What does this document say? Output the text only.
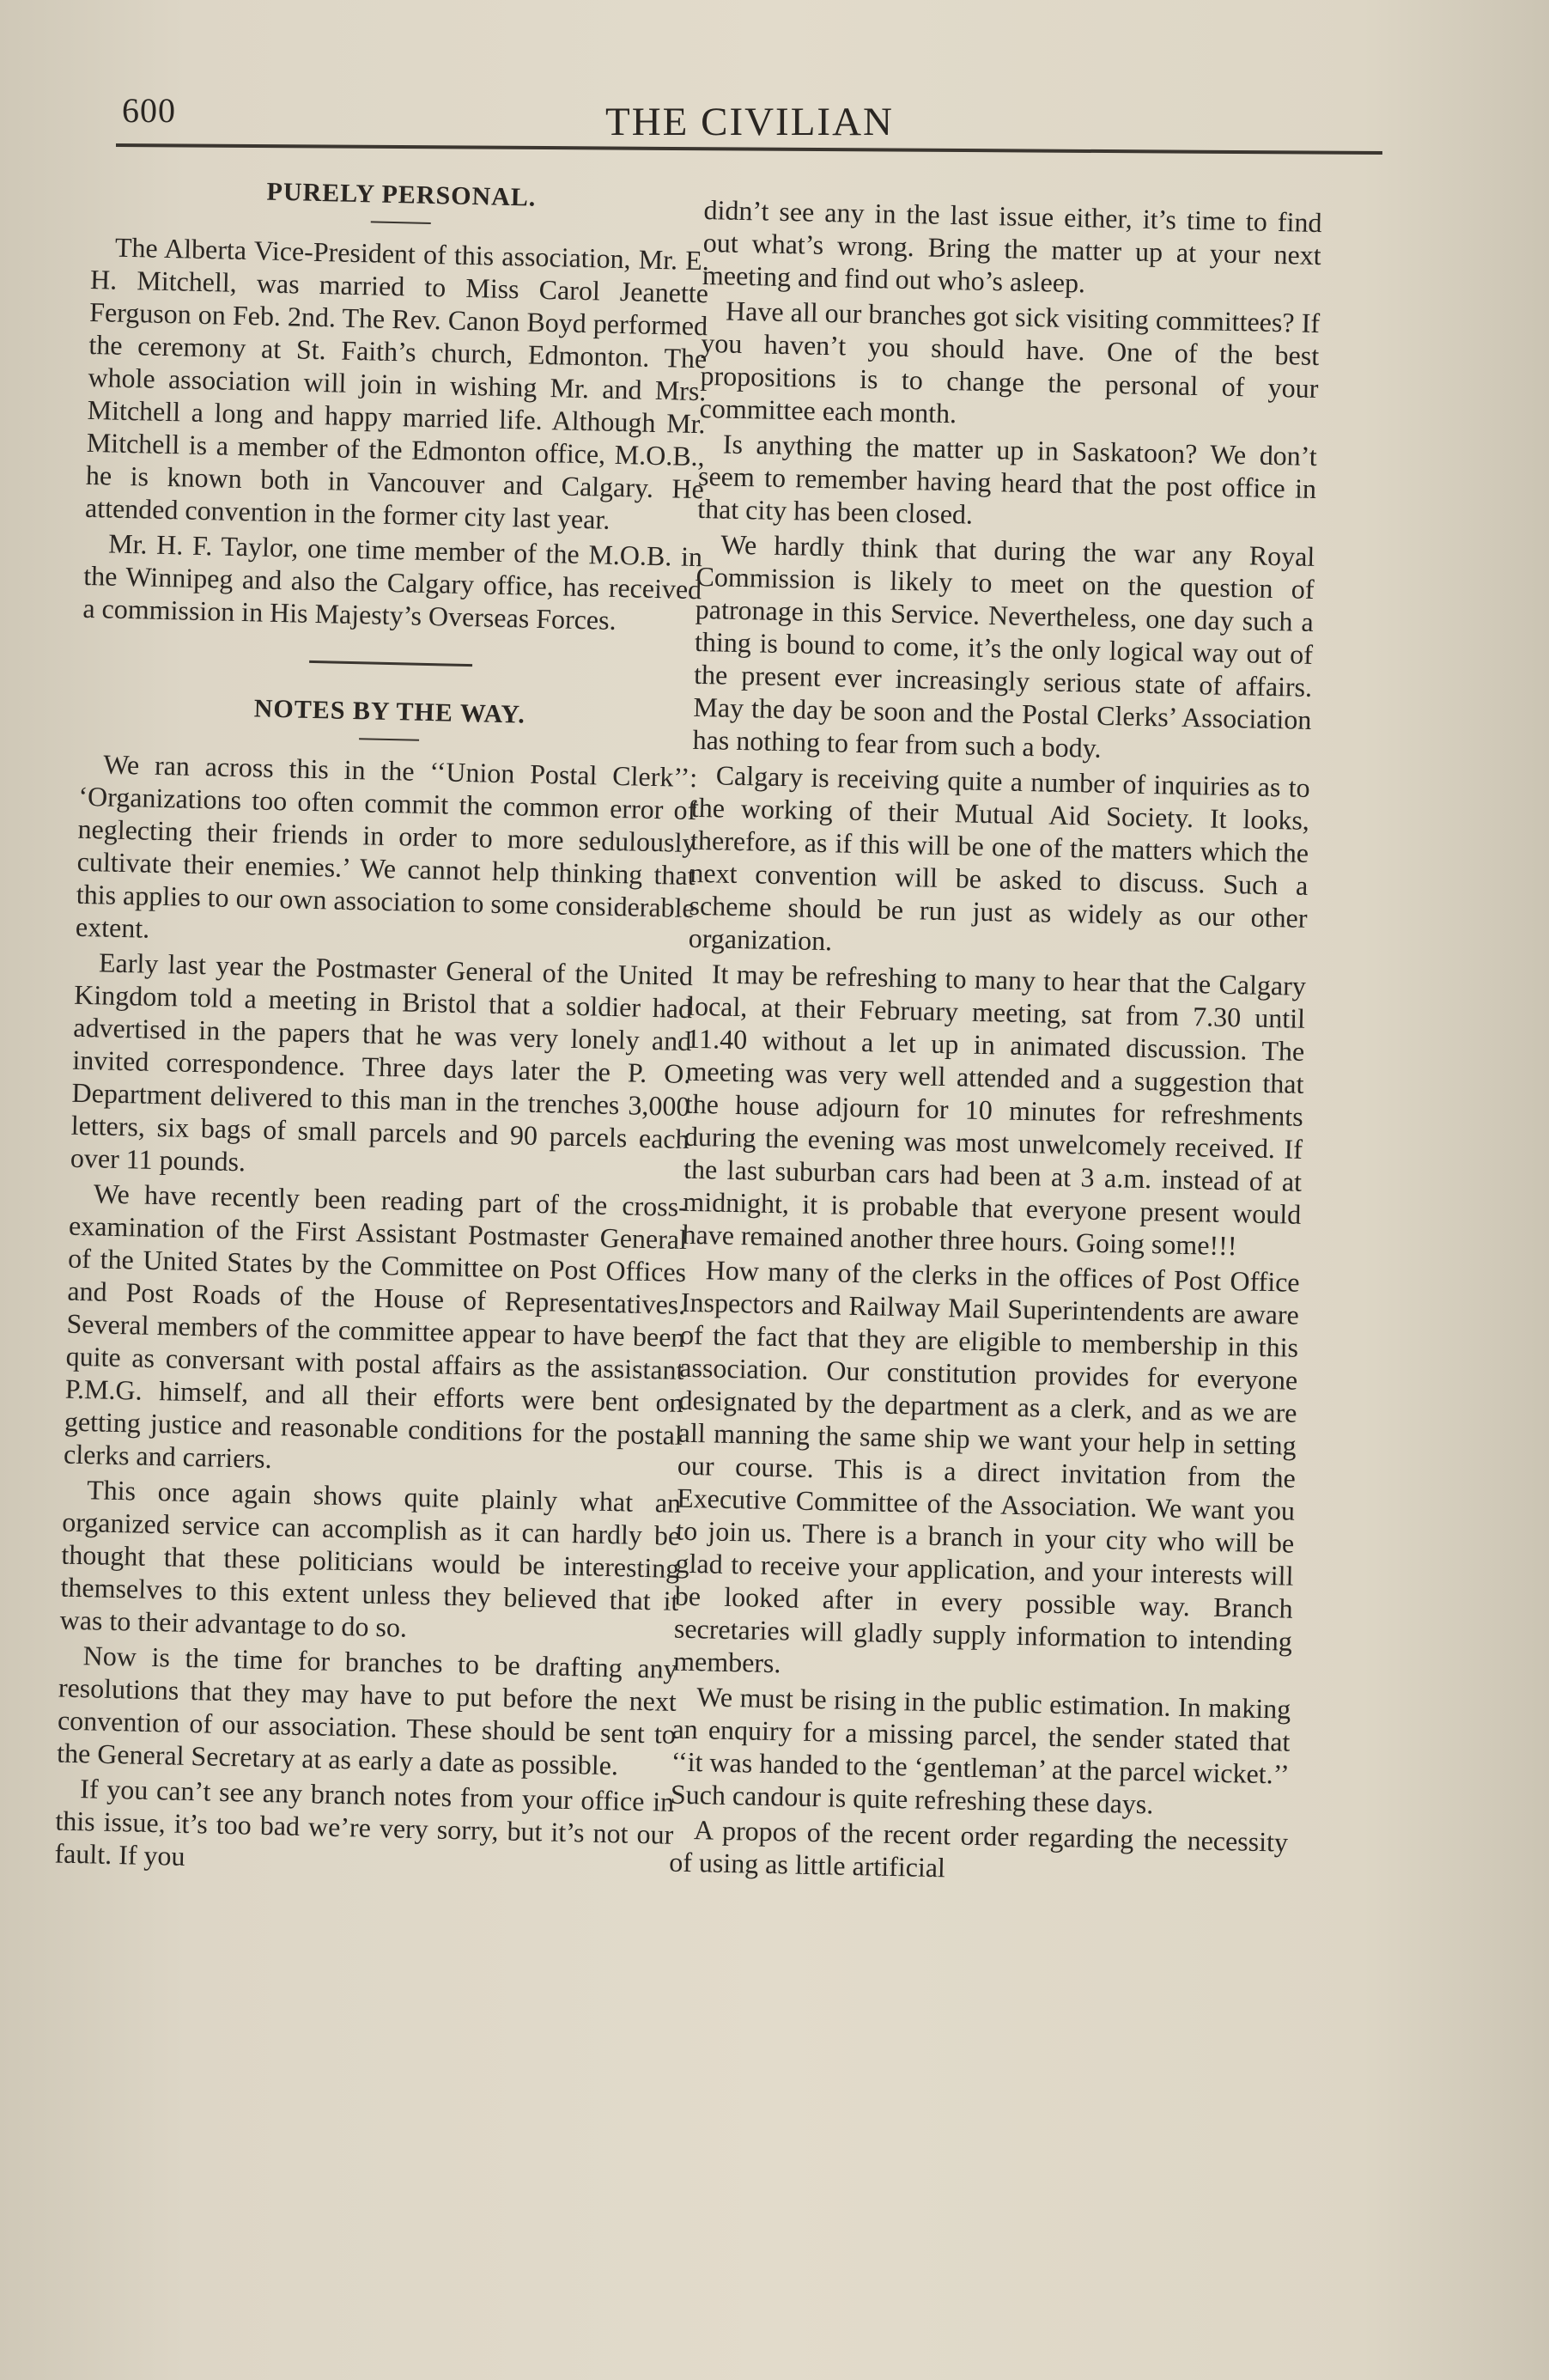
600	THE CIVILIAN
PURELY PERSONAL.

The Alberta Vice-President of this association, Mr. E. H. Mitchell, was married to Miss Carol Jeanette Ferguson on Feb. 2nd. The Rev. Canon Boyd performed the ceremony at St. Faith’s church, Edmonton. The whole association will join in wishing Mr. and Mrs. Mitchell a long and happy married life. Although Mr. Mitchell is a member of the Edmonton office, M.O.B., he is known both in Vancouver and Calgary. He attended convention in the former city last year.

Mr. H. F. Taylor, one time member of the M.O.B. in the Winnipeg and also the Calgary office, has received a commission in His Majesty’s Overseas Forces.

NOTES BY THE WAY.

We ran across this in the ‘‘Union Postal Clerk’’: ‘Organizations too often commit the common error of neglecting their friends in order to more sedulously cultivate their enemies.’ We cannot help thinking that this applies to our own association to some considerable extent.

Early last year the Postmaster General of the United Kingdom told a meeting in Bristol that a soldier had advertised in the papers that he was very lonely and invited correspondence. Three days later the P. O. Department delivered to this man in the trenches 3,000 letters, six bags of small parcels and 90 parcels each over 11 pounds.

We have recently been reading part of the cross-examination of the First Assistant Postmaster General of the United States by the Committee on Post Offices and Post Roads of the House of Representatives. Several members of the committee appear to have been quite as conversant with postal affairs as the assistant P.M.G. himself, and all their efforts were bent on getting justice and reasonable conditions for the postal clerks and carriers.

This once again shows quite plainly what an organized service can accomplish as it can hardly be thought that these politicians would be interesting themselves to this extent unless they believed that it was to their advantage to do so.

Now is the time for branches to be drafting any resolutions that they may have to put before the next convention of our association. These should be sent to the General Secretary at as early a date as possible.

If you can’t see any branch notes from your office in this issue, it’s too bad we’re very sorry, but it’s not our fault. If you

didn’t see any in the last issue either, it’s time to find out what’s wrong. Bring the matter up at your next meeting and find out who’s asleep.

Have all our branches got sick visiting committees? If you haven’t you should have. One of the best propositions is to change the personal of your committee each month.

Is anything the matter up in Saskatoon? We don’t seem to remember having heard that the post office in that city has been closed.

We hardly think that during the war any Royal Commission is likely to meet on the question of patronage in this Service. Nevertheless, one day such a thing is bound to come, it’s the only logical way out of the present ever increasingly serious state of affairs. May the day be soon and the Postal Clerks’ Association has nothing to fear from such a body.

Calgary is receiving quite a number of inquiries as to the working of their Mutual Aid Society. It looks, therefore, as if this will be one of the matters which the next convention will be asked to discuss. Such a scheme should be run just as widely as our other organization.

It may be refreshing to many to hear that the Calgary local, at their February meeting, sat from 7.30 until 11.40 without a let up in animated discussion. The meeting was very well attended and a suggestion that the house adjourn for 10 minutes for refreshments during the evening was most unwelcomely received. If the last suburban cars had been at 3 a.m. instead of at midnight, it is probable that everyone present would have remained another three hours. Going some!!!

How many of the clerks in the offices of Post Office Inspectors and Railway Mail Superintendents are aware of the fact that they are eligible to membership in this association. Our constitution provides for everyone designated by the department as a clerk, and as we are all manning the same ship we want your help in setting our course. This is a direct invitation from the Executive Committee of the Association. We want you to join us. There is a branch in your city who will be glad to receive your application, and your interests will be looked after in every possible way. Branch secretaries will gladly supply information to intending members.

We must be rising in the public estimation. In making an enquiry for a missing parcel, the sender stated that ‘‘it was handed to the ‘gentleman’ at the parcel wicket.’’ Such candour is quite refreshing these days.

A propos of the recent order regarding the necessity of using as little artificial
